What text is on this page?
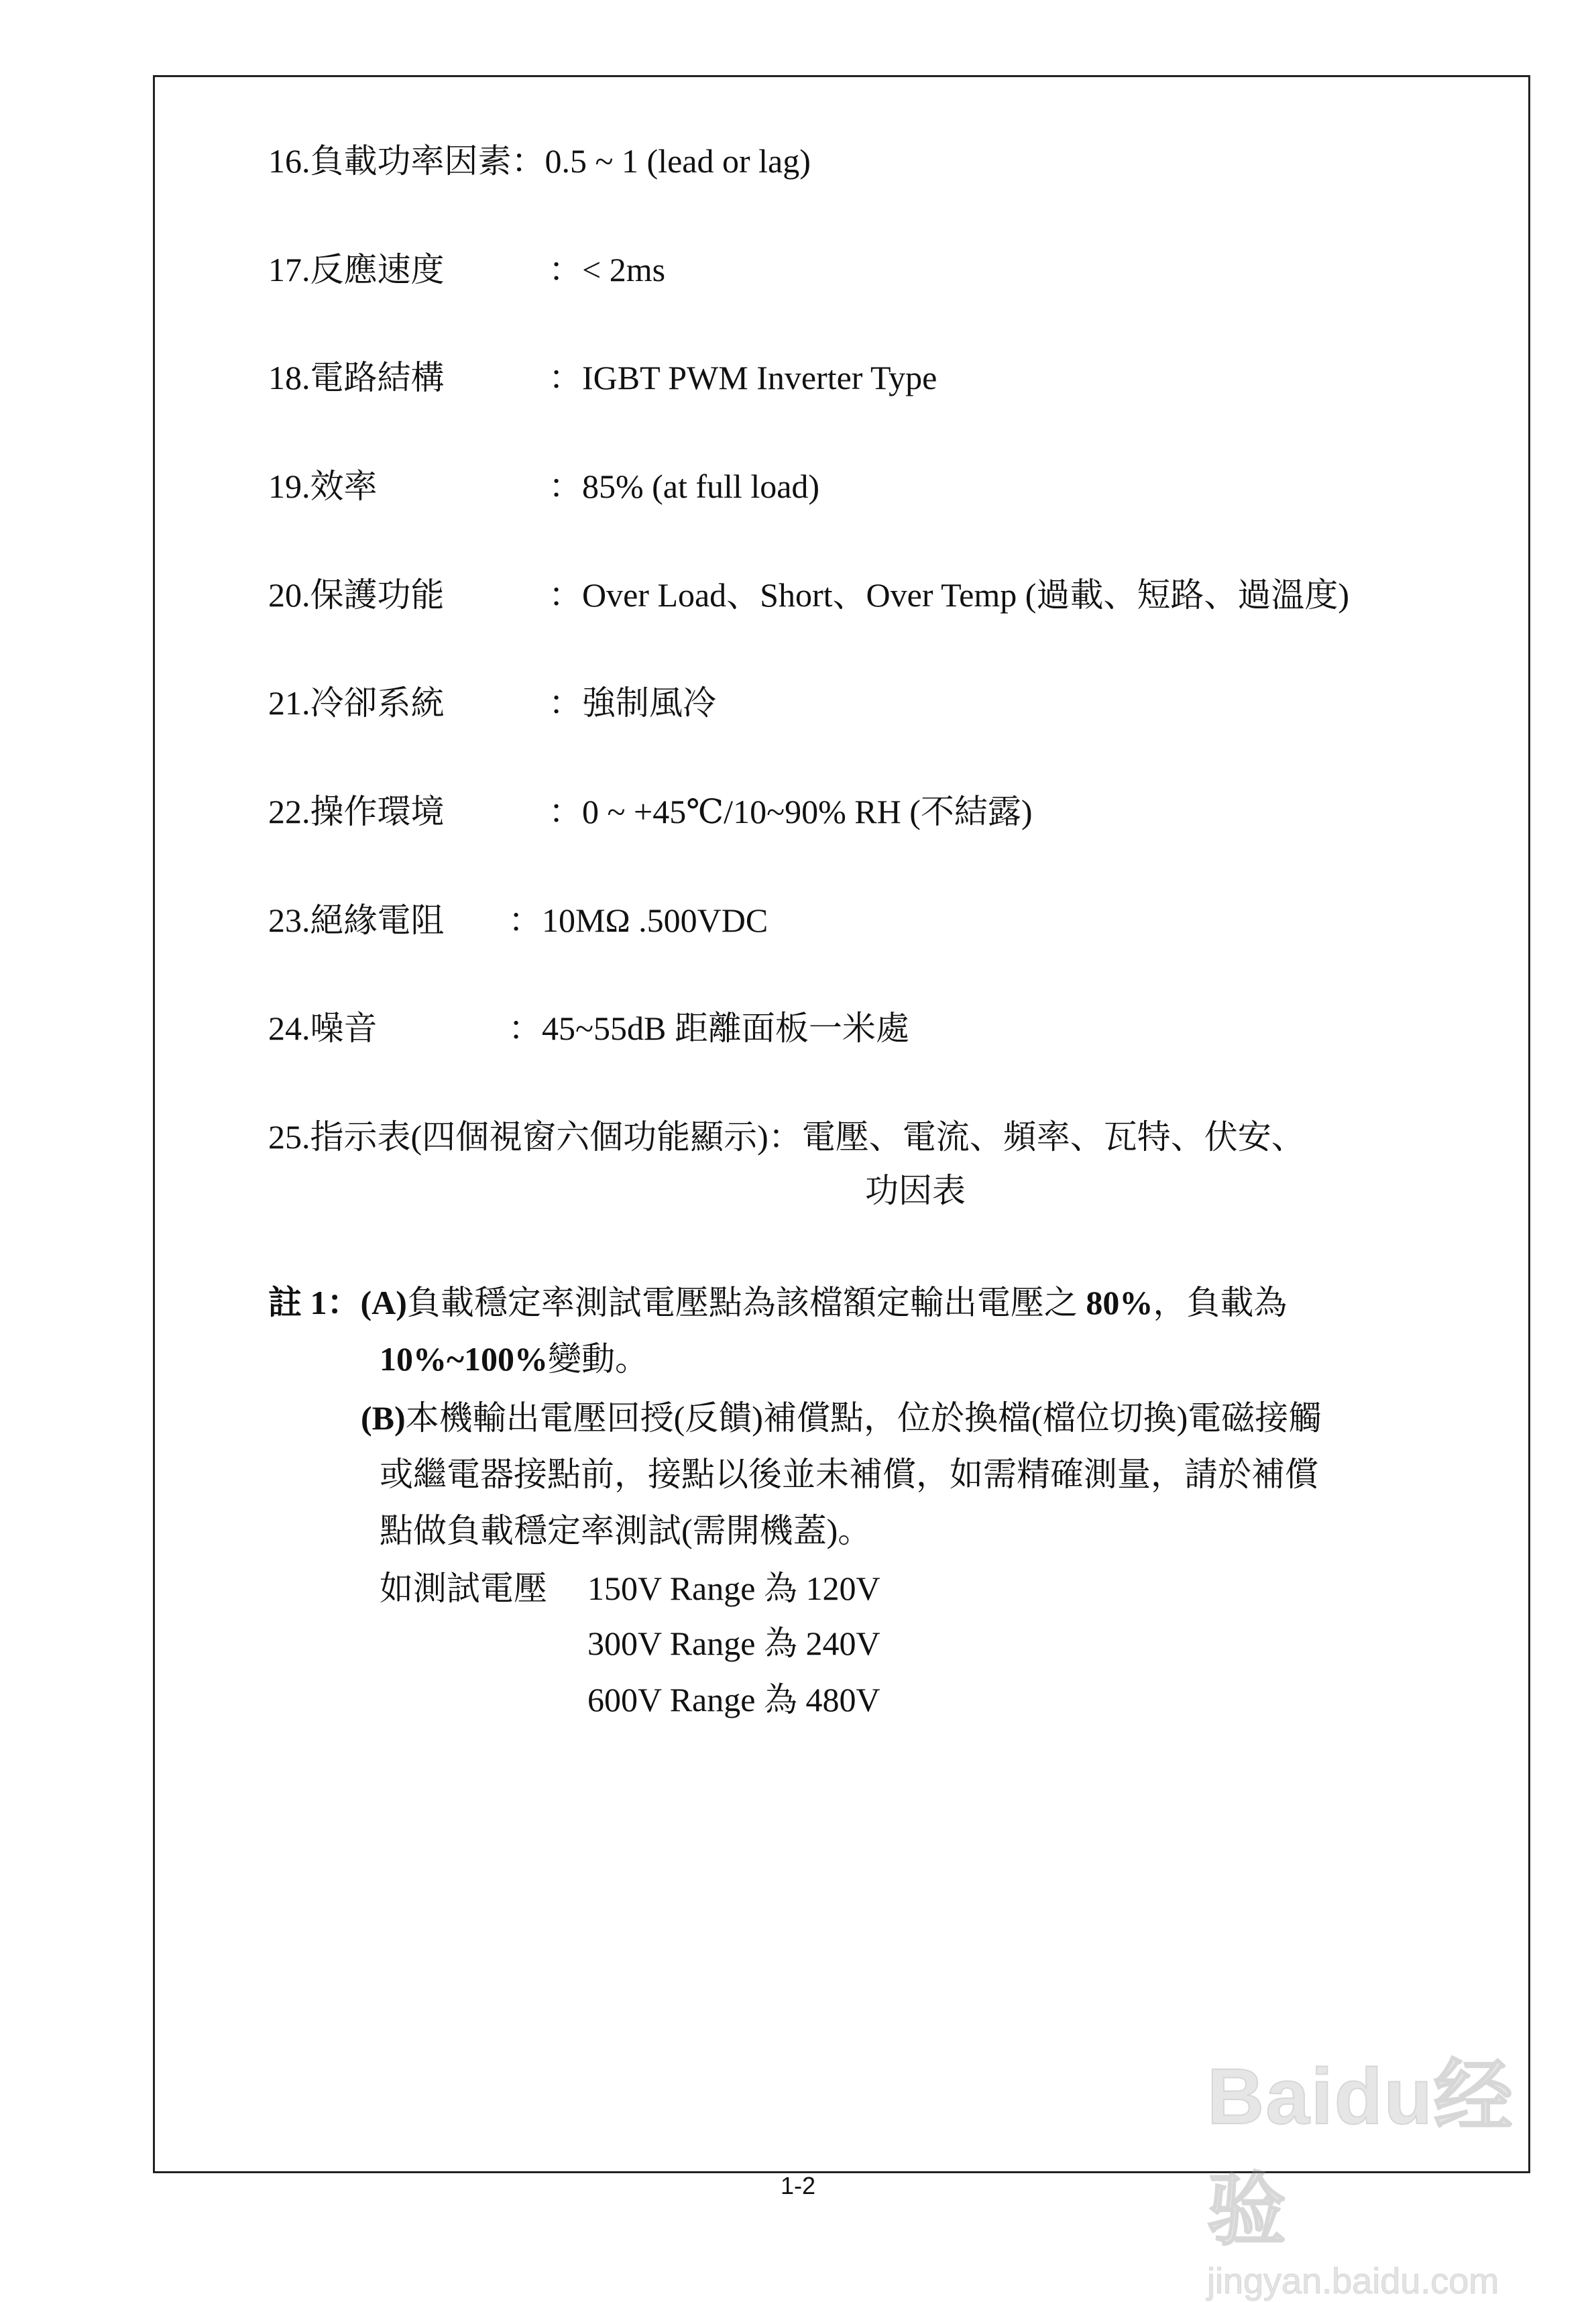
16.負載功率因素：0.5 ~ 1 (lead or lag)
17.反應速度	：< 2ms
18.電路結構	：IGBT PWM Inverter Type
19.效率	：85% (at full load)
20.保護功能	：Over Load、Short、Over Temp (過載、短路、過溫度)
21.冷卻系統	：強制風冷
22.操作環境	：0 ~ +45℃/10~90% RH (不結露)
23.絕緣電阻 ：10MΩ .500VDC
24.噪音	：45~55dB 距離面板一米處
25.指示表(四個視窗六個功能顯示)：電壓、電流、頻率、瓦特、伏安、
功因表
註 1：(A)負載穩定率測試電壓點為該檔額定輸出電壓之 80%，負載為
10%~100%變動。
(B)本機輸出電壓回授(反饋)補償點，位於換檔(檔位切換)電磁接觸
或繼電器接點前，接點以後並未補償，如需精確測量，請於補償
點做負載穩定率測試(需開機蓋)。
如測試電壓 150V Range 為 120V
300V Range 為 240V
600V Range 為 480V
1-2
Baidu经验
jingyan.baidu.com
